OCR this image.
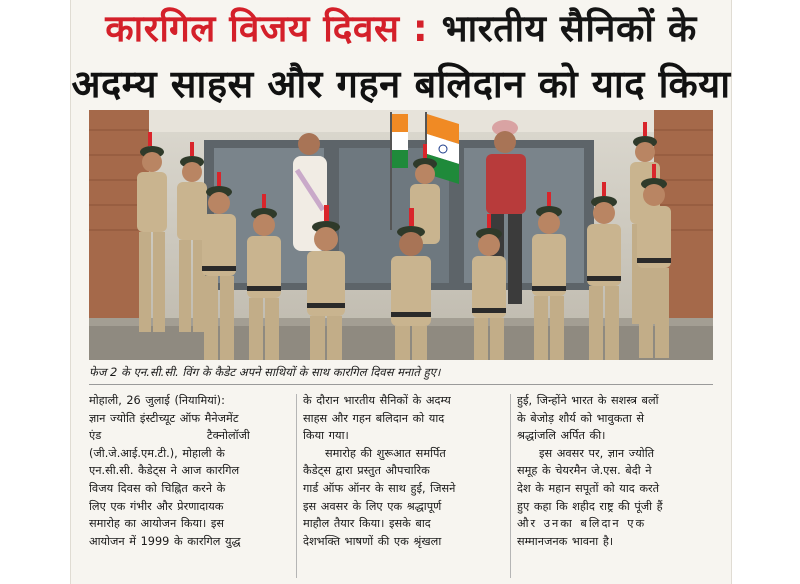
कारगिल विजय दिवस : भारतीय सैनिकों के
अदम्य साहस और गहन बलिदान को याद किया
फेज 2 के एन.सी.सी. विंग के कैडेट अपने साथियों के साथ कारगिल दिवस मनाते हुए।
मोहाली, 26 जुलाई (नियामियां):
ज्ञान ज्योति इंस्टीच्यूट ऑफ मैनेजमेंट
एंड                       टैक्नोलॉजी
(जी.जे.आई.एम.टी.), मोहाली के
एन.सी.सी. कैडेट्स ने आज कारगिल
विजय दिवस को चिह्नित करने के
लिए एक गंभीर और प्रेरणादायक
समारोह का आयोजन किया। इस
आयोजन में 1999 के कारगिल युद्ध
के दौरान भारतीय सैनिकों के अदम्य
साहस और गहन बलिदान को याद
किया गया।
समारोह की शुरूआत समर्पित
कैडेट्स द्वारा प्रस्तुत औपचारिक
गार्ड ऑफ ऑनर के साथ हुई, जिसने
इस अवसर के लिए एक श्रद्धापूर्ण
माहौल तैयार किया। इसके बाद
देशभक्ति भाषणों की एक श्रृंखला
हुई, जिन्होंने भारत के सशस्त्र बलों
के बेजोड़ शौर्य को भावुकता से
श्रद्धांजलि अर्पित की।
इस अवसर पर, ज्ञान ज्योति
समूह के चेयरमैन जे.एस. बेदी ने
देश के महान सपूतों को याद करते
हुए कहा कि शहीद राष्ट्र की पूंजी हैं
और उनका बलिदान एक
सम्मानजनक भावना है।
